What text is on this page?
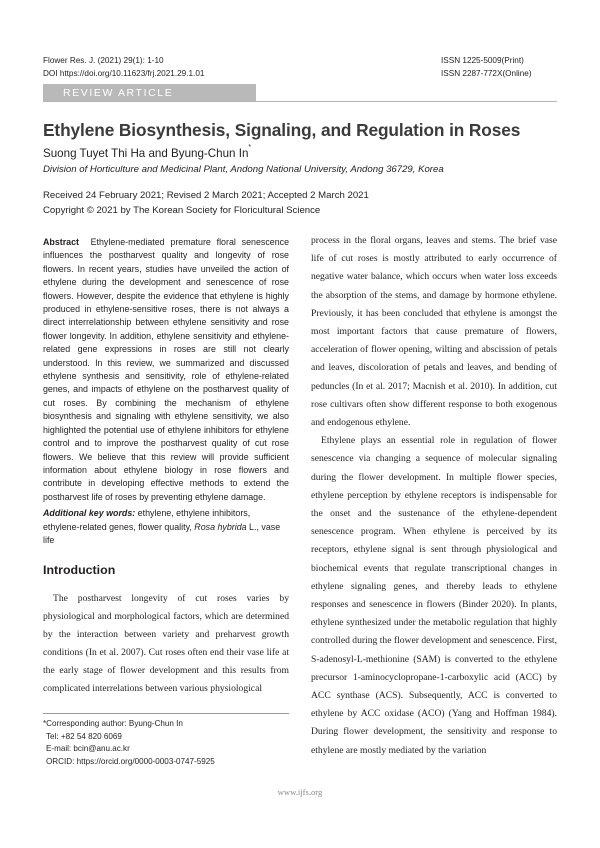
Flower Res. J. (2021) 29(1): 1-10
DOI https://doi.org/10.11623/frj.2021.29.1.01
ISSN 1225-5009(Print)
ISSN 2287-772X(Online)
REVIEW ARTICLE
Ethylene Biosynthesis, Signaling, and Regulation in Roses
Suong Tuyet Thi Ha and Byung-Chun In*
Division of Horticulture and Medicinal Plant, Andong National University, Andong 36729, Korea
Received 24 February 2021; Revised 2 March 2021; Accepted 2 March 2021
Copyright © 2021 by The Korean Society for Floricultural Science
Abstract Ethylene-mediated premature floral senescence influences the postharvest quality and longevity of rose flowers. In recent years, studies have unveiled the action of ethylene during the development and senescence of rose flowers. However, despite the evidence that ethylene is highly produced in ethylene-sensitive roses, there is not always a direct interrelationship between ethylene sensitivity and rose flower longevity. In addition, ethylene sensitivity and ethylene-related gene expressions in roses are still not clearly understood. In this review, we summarized and discussed ethylene synthesis and sensitivity, role of ethylene-related genes, and impacts of ethylene on the postharvest quality of cut roses. By combining the mechanism of ethylene biosynthesis and signaling with ethylene sensitivity, we also highlighted the potential use of ethylene inhibitors for ethylene control and to improve the postharvest quality of cut rose flowers. We believe that this review will provide sufficient information about ethylene biology in rose flowers and contribute in developing effective methods to extend the postharvest life of roses by preventing ethylene damage.
Additional key words: ethylene, ethylene inhibitors, ethylene-related genes, flower quality, Rosa hybrida L., vase life
Introduction
The postharvest longevity of cut roses varies by physiological and morphological factors, which are determined by the interaction between variety and preharvest growth conditions (In et al. 2007). Cut roses often end their vase life at the early stage of flower development and this results from complicated interrelations between various physiological
*Corresponding author: Byung-Chun In
Tel: +82 54 820 6069
E-mail: bcin@anu.ac.kr
ORCID: https://orcid.org/0000-0003-0747-5925

process in the floral organs, leaves and stems. The brief vase life of cut roses is mostly attributed to early occurrence of negative water balance, which occurs when water loss exceeds the absorption of the stems, and damage by hormone ethylene. Previously, it has been concluded that ethylene is amongst the most important factors that cause premature of flowers, acceleration of flower opening, wilting and abscission of petals and leaves, discoloration of petals and leaves, and bending of peduncles (In et al. 2017; Macnish et al. 2010). In addition, cut rose cultivars often show different response to both exogenous and endogenous ethylene.

Ethylene plays an essential role in regulation of flower senescence via changing a sequence of molecular signaling during the flower development. In multiple flower species, ethylene perception by ethylene receptors is indispensable for the onset and the sustenance of the ethylene-dependent senescence program. When ethylene is perceived by its receptors, ethylene signal is sent through physiological and biochemical events that regulate transcriptional changes in ethylene signaling genes, and thereby leads to ethylene responses and senescence in flowers (Binder 2020). In plants, ethylene synthesized under the metabolic regulation that highly controlled during the flower development and senescence. First, S-adenosyl-L-methionine (SAM) is converted to the ethylene precursor 1-aminocyclopropane-1-carboxylic acid (ACC) by ACC synthase (ACS). Subsequently, ACC is converted to ethylene by ACC oxidase (ACO) (Yang and Hoffman 1984). During flower development, the sensitivity and response to ethylene are mostly mediated by the variation

www.ijfs.org
